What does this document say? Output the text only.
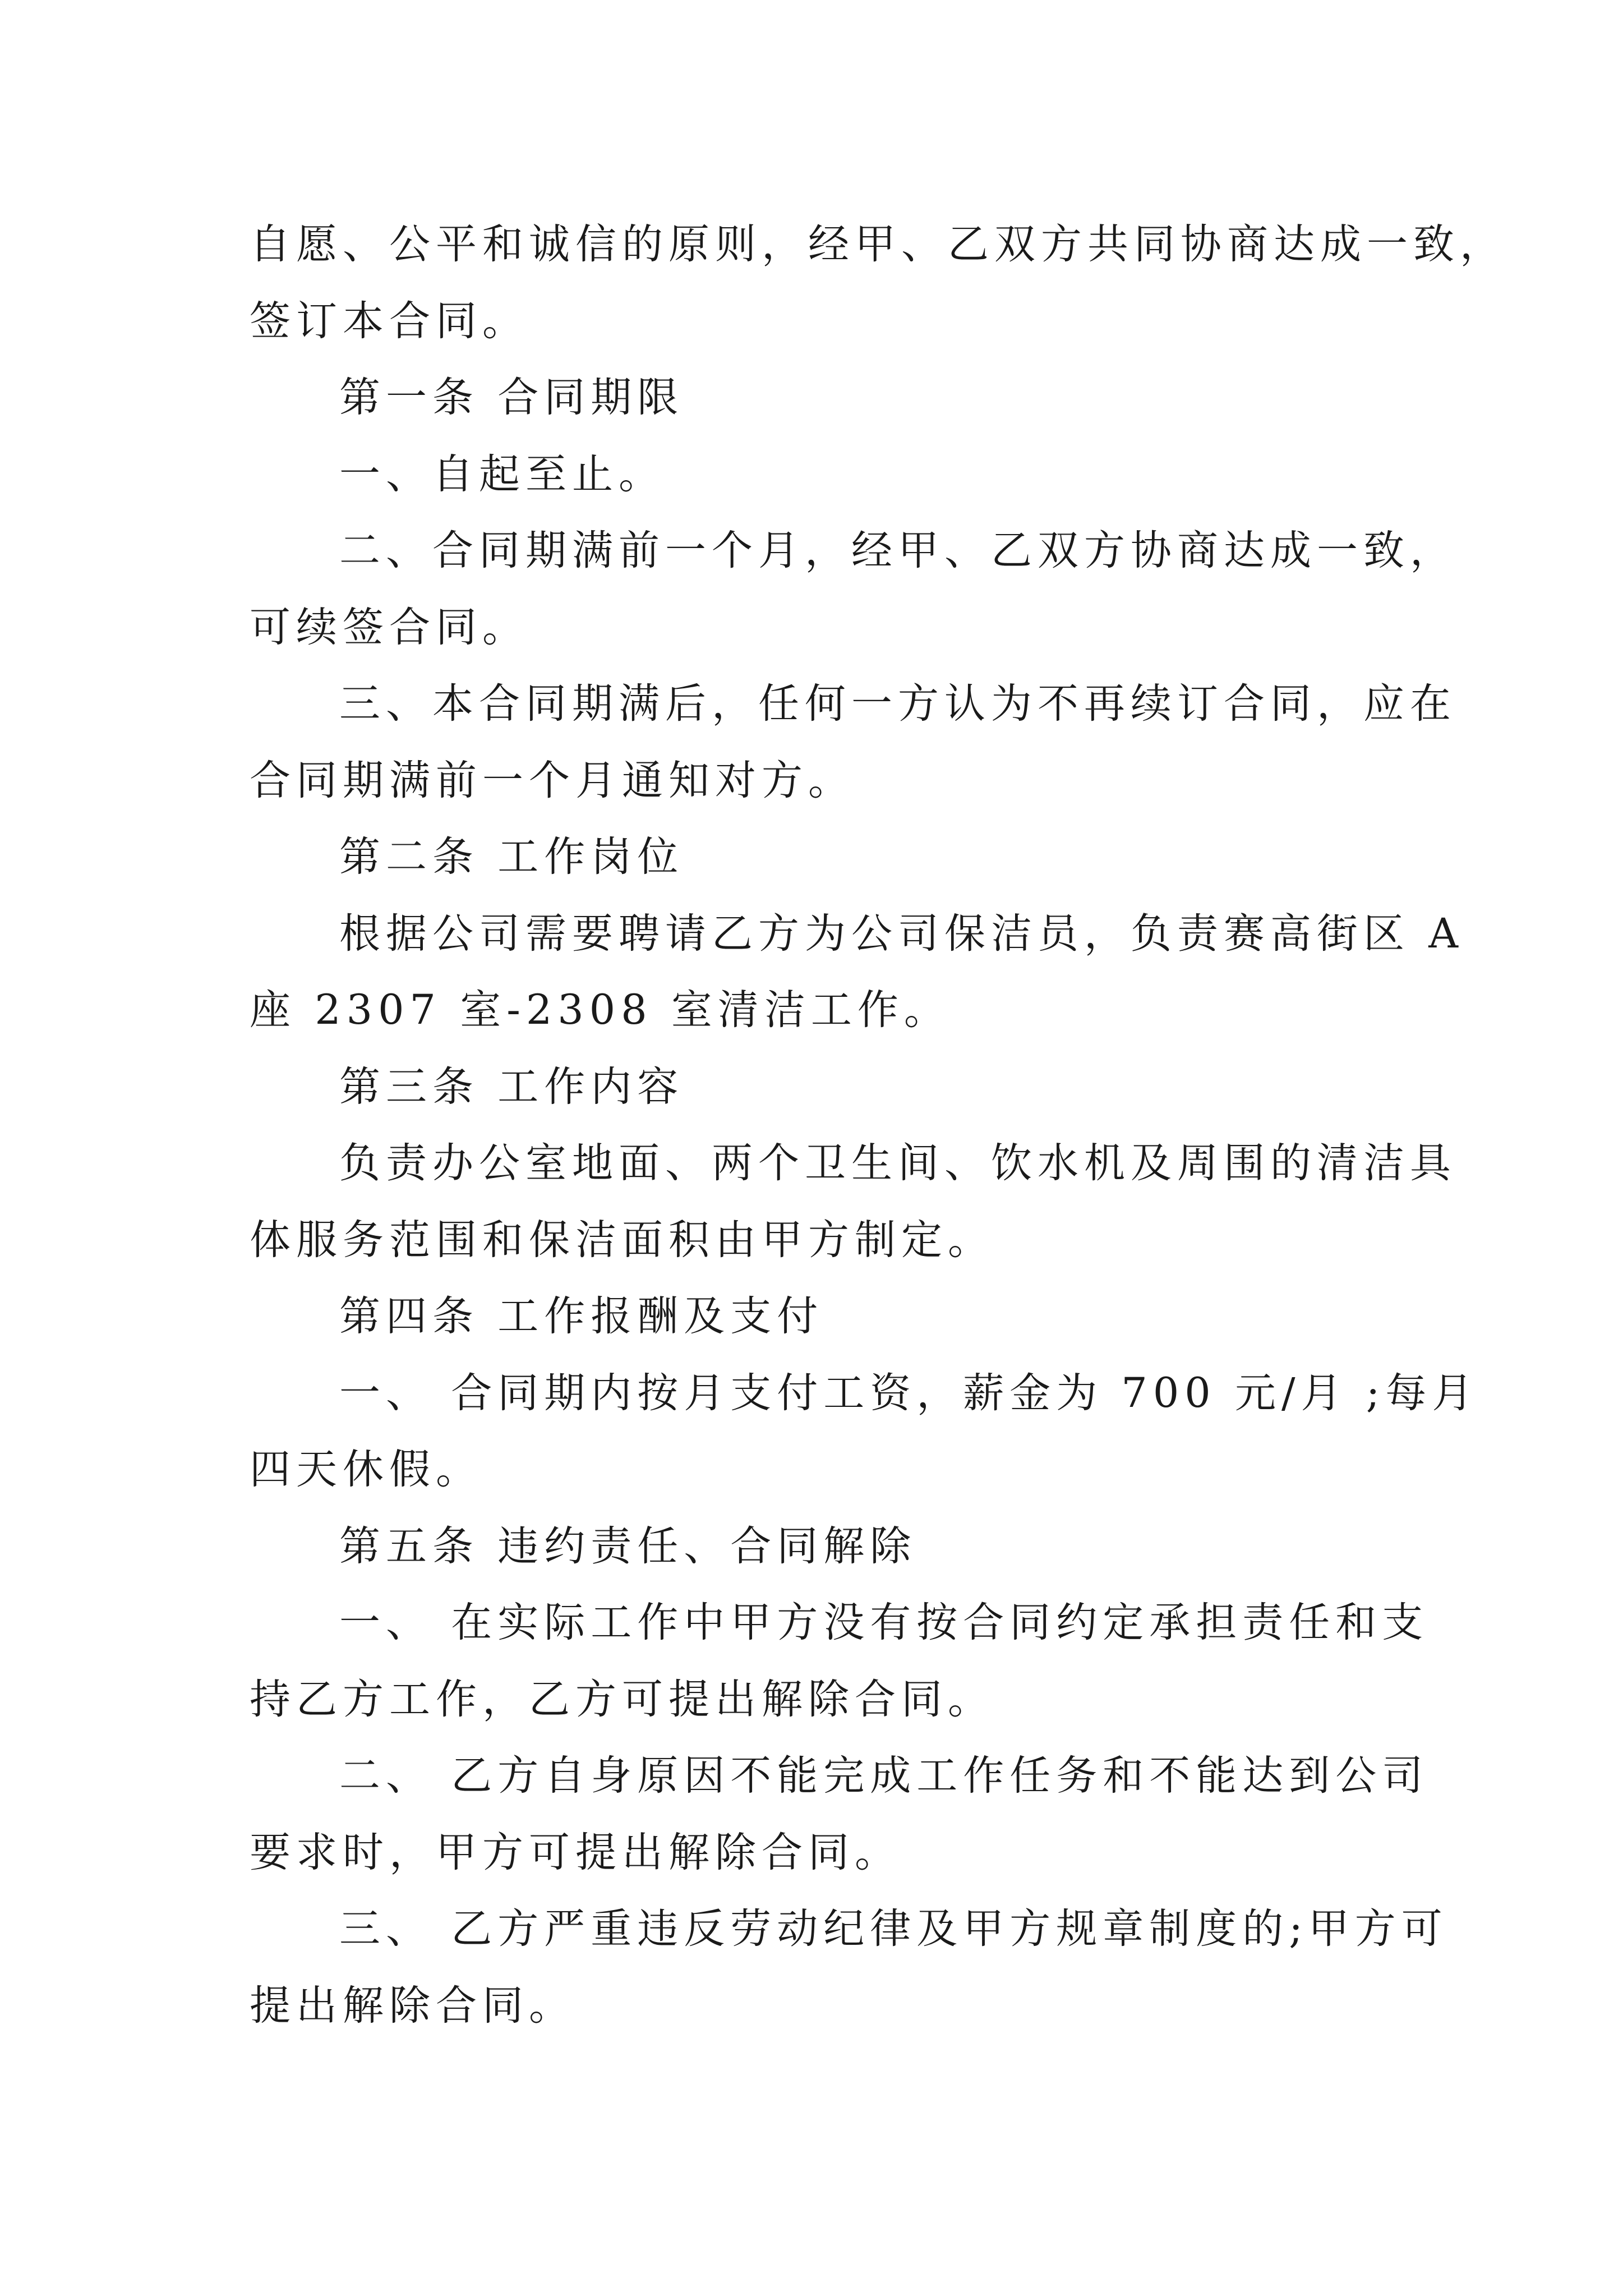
自愿、公平和诚信的原则，经甲、乙双方共同协商达成一致，
签订本合同。
第一条 合同期限
一、自起至止。
二、合同期满前一个月，经甲、乙双方协商达成一致，
可续签合同。
三、本合同期满后，任何一方认为不再续订合同，应在
合同期满前一个月通知对方。
第二条 工作岗位
根据公司需要聘请乙方为公司保洁员，负责赛高街区 A
座 2307 室-2308 室清洁工作。
第三条 工作内容
负责办公室地面、两个卫生间、饮水机及周围的清洁具
体服务范围和保洁面积由甲方制定。
第四条 工作报酬及支付
一、 合同期内按月支付工资，薪金为 700 元/月 ;每月
四天休假。
第五条 违约责任、合同解除
一、 在实际工作中甲方没有按合同约定承担责任和支
持乙方工作，乙方可提出解除合同。
二、 乙方自身原因不能完成工作任务和不能达到公司
要求时，甲方可提出解除合同。
三、 乙方严重违反劳动纪律及甲方规章制度的;甲方可
提出解除合同。
